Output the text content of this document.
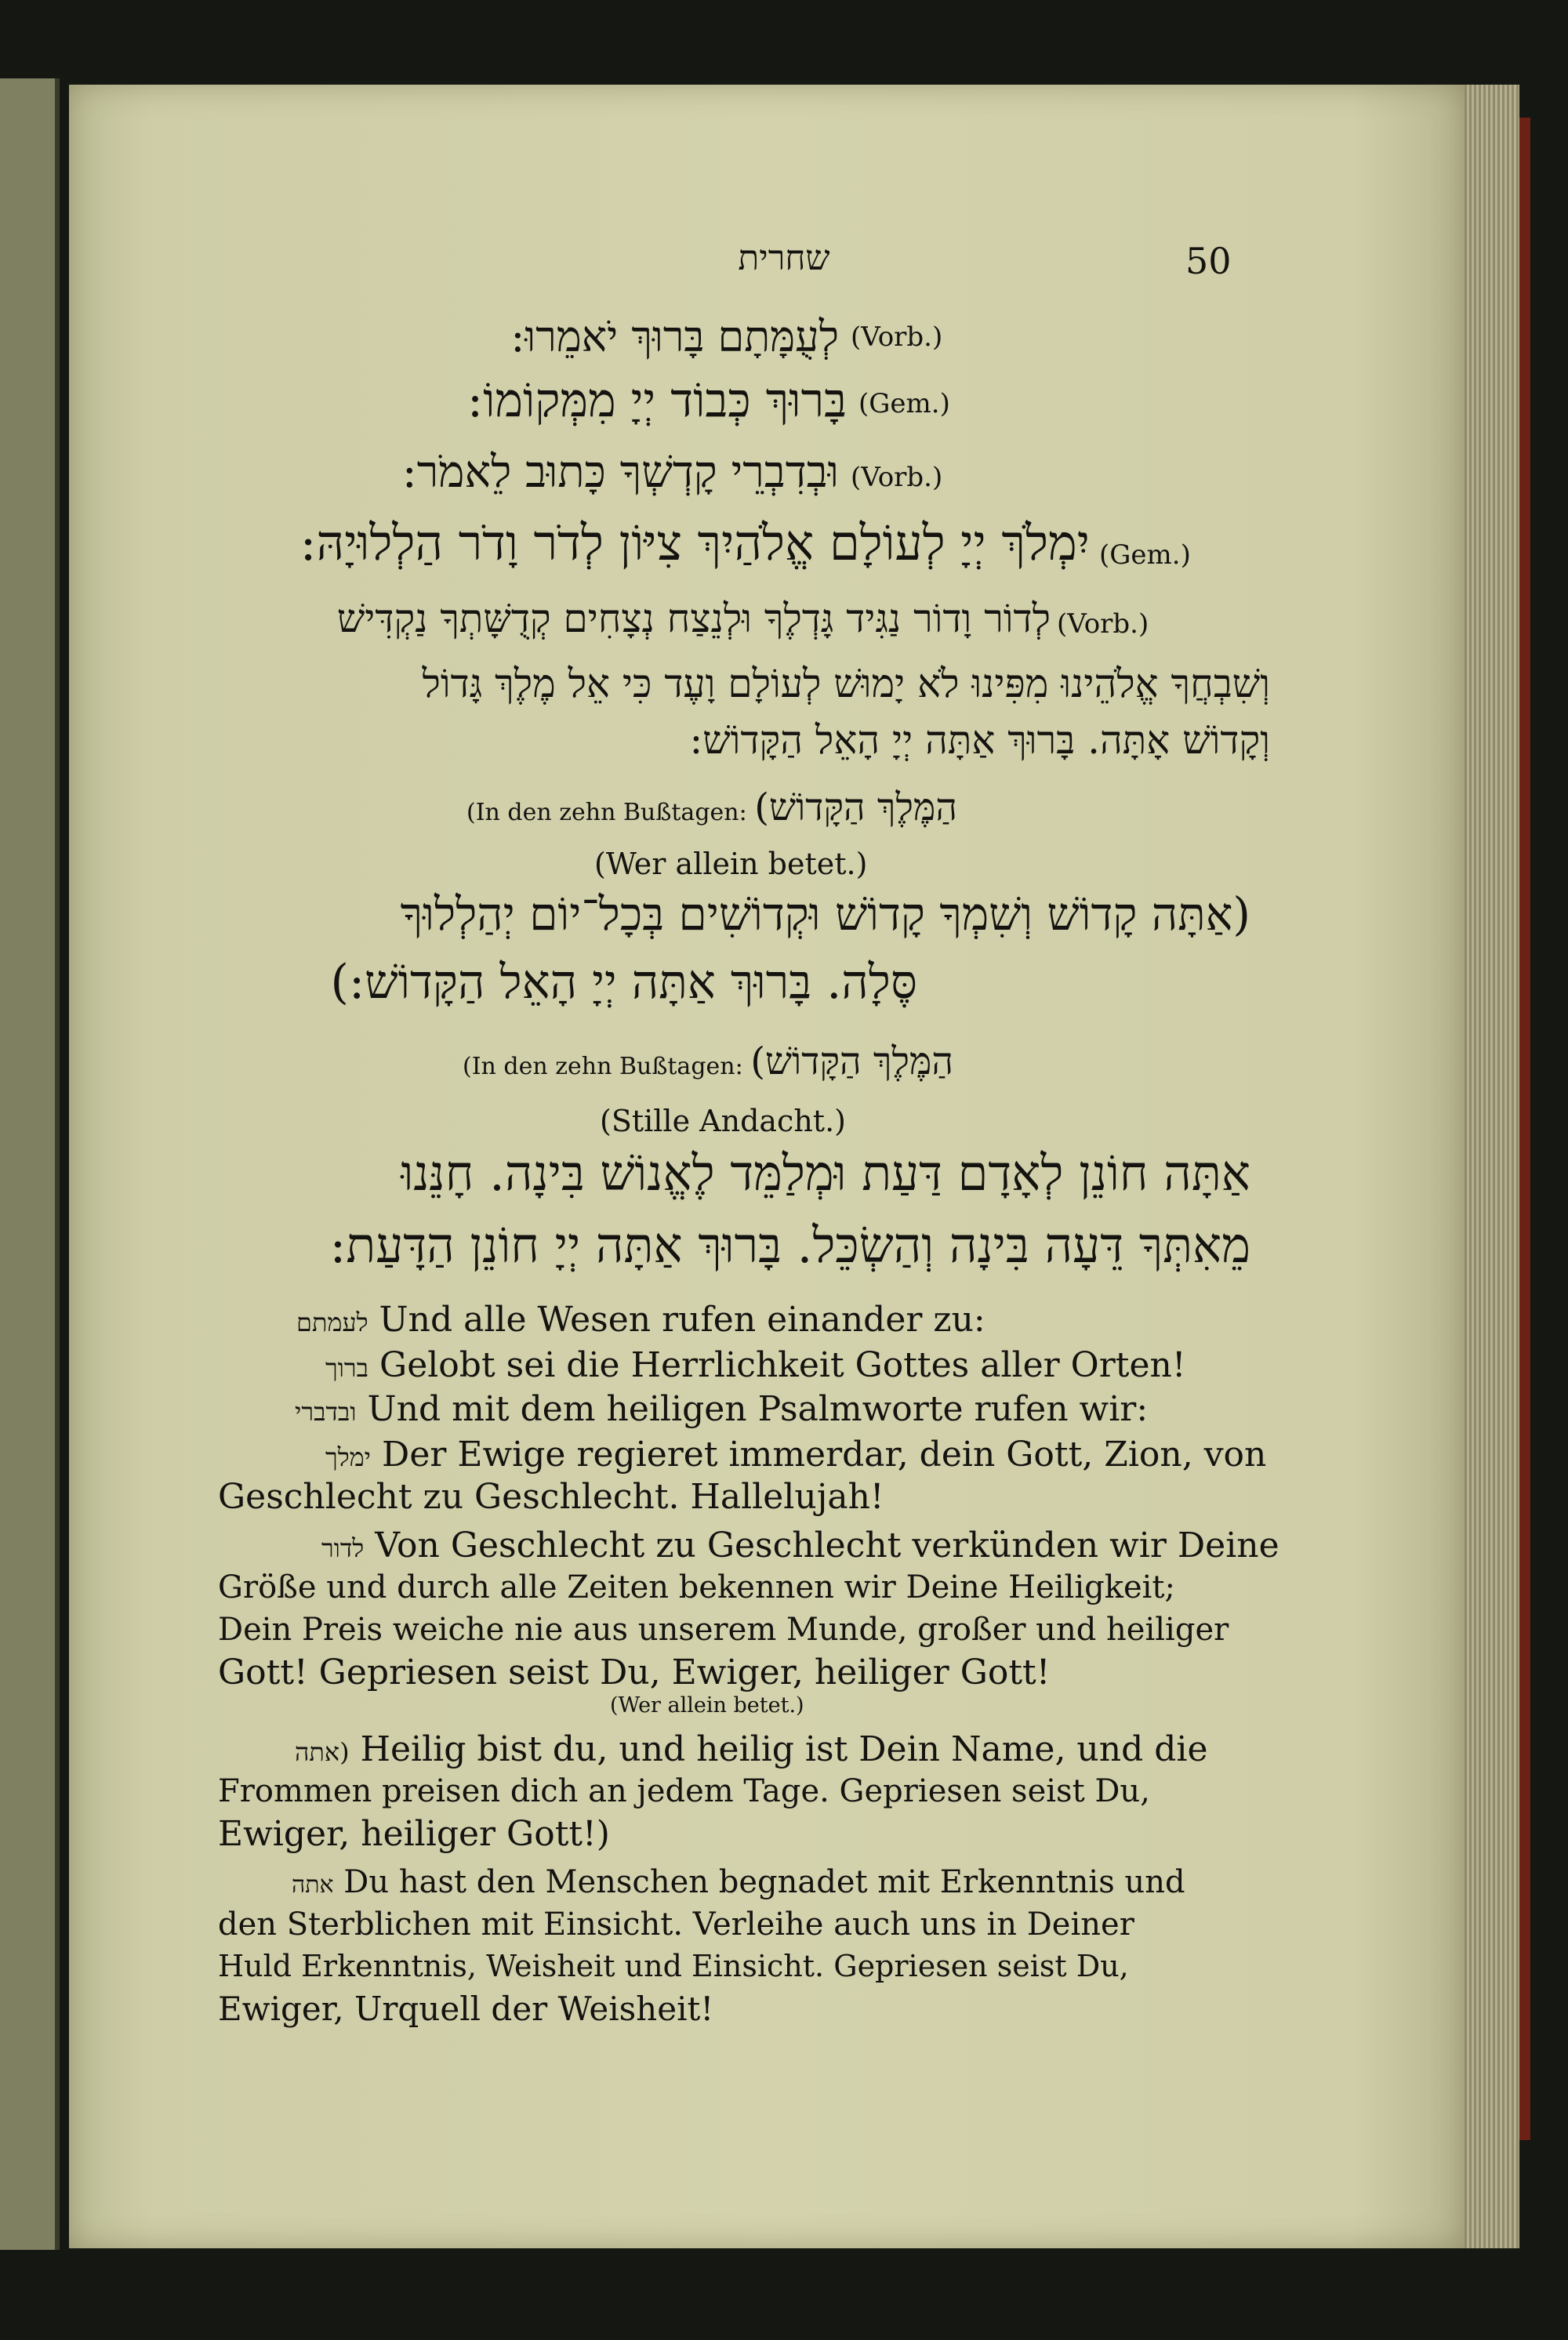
שחרית	50
לְעֻמָּתָם בָּרוּךְ יֹאמֵרוּ: (Vorb.)
בָּרוּךְ כְּבוֹד יְיָ מִמְּקוֹמוֹ: (Gem.)
וּבְדִבְרֵי קָדְשְׁךָ כָּתוּב לֵאמֹר: (Vorb.)
יִמְלֹךְ יְיָ לְעוֹלָם אֱלֹהַיִךְ צִיּוֹן לְדֹר וָדֹר הַלְלוּיָהּ: (Gem.)
לְדוֹר וָדוֹר נַגִּיד גָּדְלֶךָ וּלְנֵצַח נְצָחִים קְדֻשָּׁתְךָ נַקְדִּישׁ (Vorb.)
וְשִׁבְחֲךָ אֱלֹהֵינוּ מִפִּינוּ לֹא יָמוּשׁ לְעוֹלָם וָעֶד כִּי אֵל מֶלֶךְ גָּדוֹל
וְקָדוֹשׁ אָתָּה. בָּרוּךְ אַתָּה יְיָ הָאֵל הַקָּדוֹשׁ:
(In den zehn Bußtagen: הַמֶּלֶךְ הַקָּדוֹשׁ)
(Wer allein betet.)
(אַתָּה קָדוֹשׁ וְשִׁמְךָ קָדוֹשׁ וּקְדוֹשִׁים בְּכָל־יוֹם יְהַלְלוּךָ
סֶּלָה. בָּרוּךְ אַתָּה יְיָ הָאֵל הַקָּדוֹשׁ:)
(In den zehn Bußtagen: הַמֶּלֶךְ הַקָּדוֹשׁ)
(Stille Andacht.)
אַתָּה חוֹנֵן לְאָדָם דַּעַת וּמְלַמֵּד לֶאֱנוֹשׁ בִּינָה. חָנֵּנוּ
מֵאִתְּךָ דֵּעָה בִּינָה וְהַשְׂכֵּל. בָּרוּךְ אַתָּה יְיָ חוֹנֵן הַדָּעַת:
לעמתם Und alle Wesen rufen einander zu:
ברוך Gelobt sei die Herrlichkeit Gottes aller Orten!
ובדברי Und mit dem heiligen Psalmworte rufen wir:
ימלך Der Ewige regieret immerdar, dein Gott, Zion, von
Geschlecht zu Geschlecht. Hallelujah!
לדור Von Geschlecht zu Geschlecht verkünden wir Deine
Größe und durch alle Zeiten bekennen wir Deine Heiligkeit;
Dein Preis weiche nie aus unserem Munde, großer und heiliger
Gott! Gepriesen seist Du, Ewiger, heiliger Gott!
(Wer allein betet.)
(אתה Heilig bist du, und heilig ist Dein Name, und die
Frommen preisen dich an jedem Tage. Gepriesen seist Du,
Ewiger, heiliger Gott!)
אתה Du hast den Menschen begnadet mit Erkenntnis und
den Sterblichen mit Einsicht. Verleihe auch uns in Deiner
Huld Erkenntnis, Weisheit und Einsicht. Gepriesen seist Du,
Ewiger, Urquell der Weisheit!
